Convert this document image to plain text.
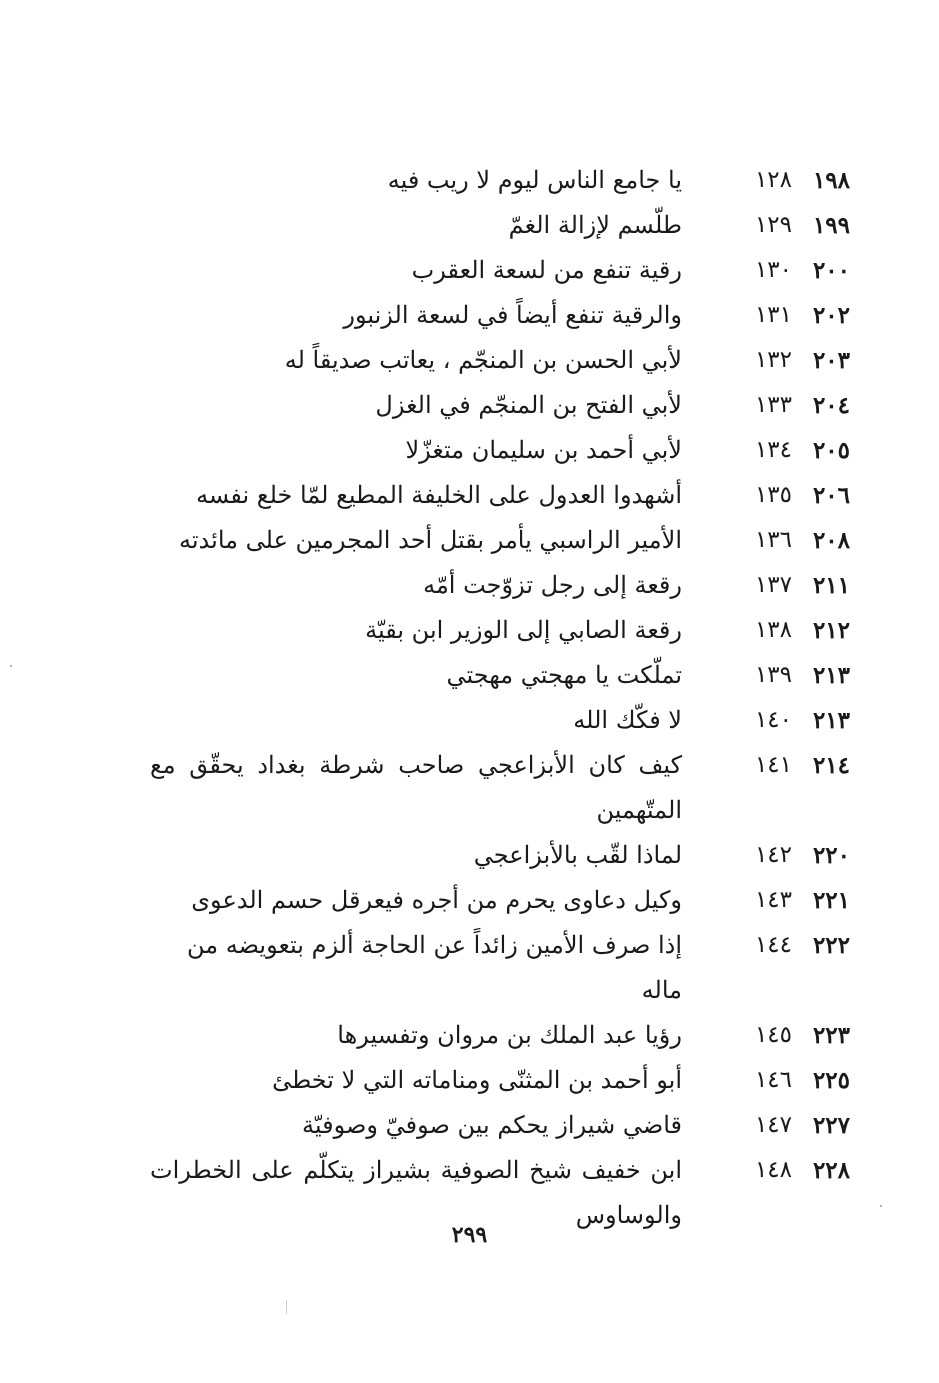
١٩٨
١٢٨
يا جامع الناس ليوم لا ريب فيه
١٩٩
١٢٩
طلّسم لإزالة الغمّ
٢٠٠
١٣٠
رقية تنفع من لسعة العقرب
٢٠٢
١٣١
والرقية تنفع أيضاً في لسعة الزنبور
٢٠٣
١٣٢
لأبي الحسن بن المنجّم ، يعاتب صديقاً له
٢٠٤
١٣٣
لأبي الفتح بن المنجّم في الغزل
٢٠٥
١٣٤
لأبي أحمد بن سليمان متغزّلا
٢٠٦
١٣٥
أشهدوا العدول على الخليفة المطيع لمّا خلع نفسه
٢٠٨
١٣٦
الأمير الراسبي يأمر بقتل أحد المجرمين على مائدته
٢١١
١٣٧
رقعة إلى رجل تزوّجت أمّه
٢١٢
١٣٨
رقعة الصابي إلى الوزير ابن بقيّة
٢١٣
١٣٩
تملّكت يا مهجتي مهجتي
٢١٣
١٤٠
لا فكّك الله
٢١٤
١٤١
كيف كان الأبزاعجي صاحب شرطة بغداد يحقّق مع المتّهمين
٢٢٠
١٤٢
لماذا لقّب بالأبزاعجي
٢٢١
١٤٣
وكيل دعاوى يحرم من أجره فيعرقل حسم الدعوى
٢٢٢
١٤٤
إذا صرف الأمين زائداً عن الحاجة ألزم بتعويضه من ماله
٢٢٣
١٤٥
رؤيا عبد الملك بن مروان وتفسيرها
٢٢٥
١٤٦
أبو أحمد بن المثنّى ومناماته التي لا تخطئ
٢٢٧
١٤٧
قاضي شيراز يحكم بين صوفيّ وصوفيّة
٢٢٨
١٤٨
ابن خفيف شيخ الصوفية بشيراز يتكلّم على الخطرات والوساوس
٢٩٩
